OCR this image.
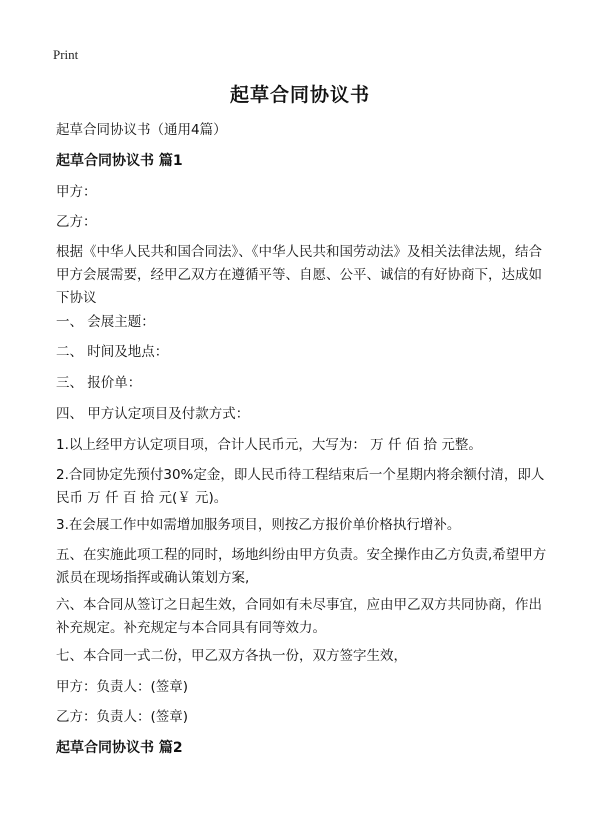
Print
起草合同协议书
起草合同协议书（通用4篇）
起草合同协议书 篇1
甲方：
乙方：
根据《中华人民共和国合同法》、《中华人民共和国劳动法》及相关法律法规，结合甲方会展需要，经甲乙双方在遵循平等、自愿、公平、诚信的有好协商下，达成如下协议
一、 会展主题：
二、 时间及地点：
三、 报价单：
四、 甲方认定项目及付款方式：
1.以上经甲方认定项目项，合计人民币元，大写为： 万 仟 佰 拾 元整。
2.合同协定先预付30%定金，即人民币待工程结束后一个星期内将余额付清，即人民币 万 仟 百 拾 元(￥ 元)。
3.在会展工作中如需增加服务项目，则按乙方报价单价格执行增补。
五、在实施此项工程的同时，场地纠纷由甲方负责。安全操作由乙方负责,希望甲方派员在现场指挥或确认策划方案,
六、本合同从签订之日起生效，合同如有未尽事宜，应由甲乙双方共同协商，作出补充规定。补充规定与本合同具有同等效力。
七、本合同一式二份，甲乙双方各执一份，双方签字生效，
甲方：负责人：(签章)
乙方：负责人：(签章)
起草合同协议书 篇2
